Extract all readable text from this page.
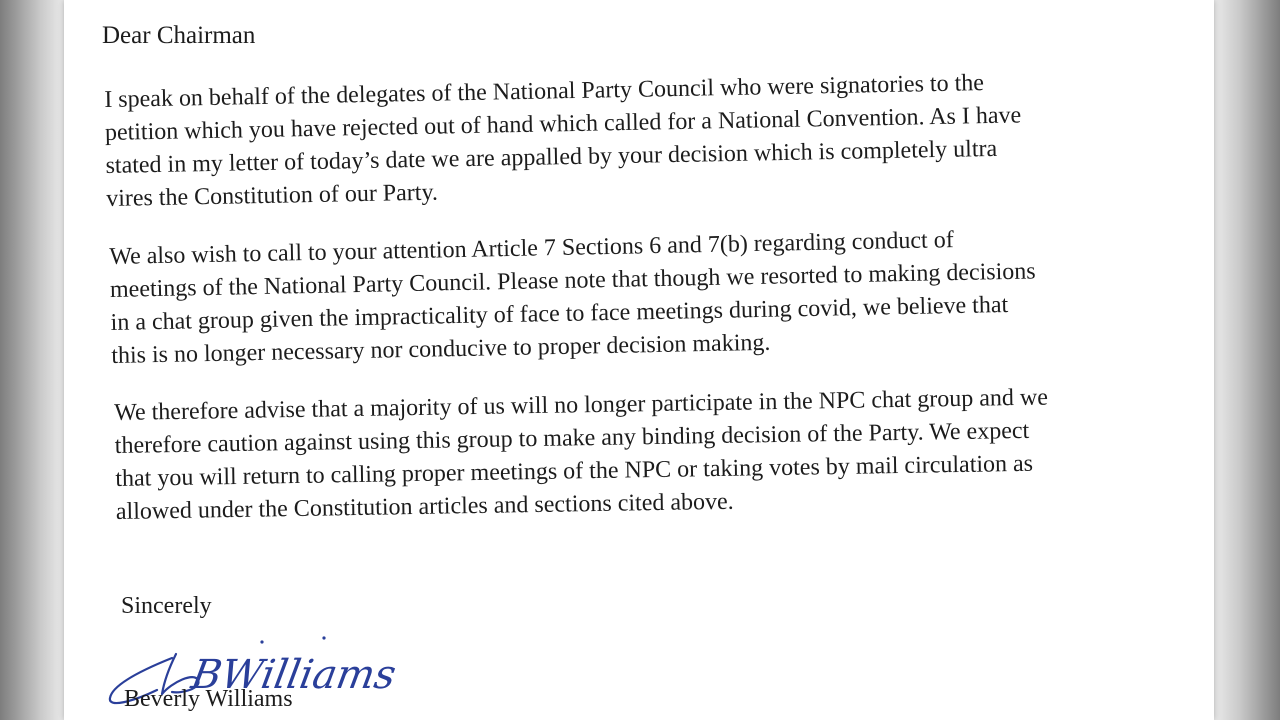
Dear Chairman
I speak on behalf of the delegates of the National Party Council who were signatories to the
petition which you have rejected out of hand which called for a National Convention. As I have
stated in my letter of today’s date we are appalled by your decision which is completely ultra
vires the Constitution of our Party.
We also wish to call to your attention Article 7 Sections 6 and 7(b) regarding conduct of
meetings of the National Party Council. Please note that though we resorted to making decisions
in a chat group given the impracticality of face to face meetings during covid, we believe that
this is no longer necessary nor conducive to proper decision making.
We therefore advise that a majority of us will no longer participate in the NPC chat group and we
therefore caution against using this group to make any binding decision of the Party. We expect
that you will return to calling proper meetings of the NPC or taking votes by mail circulation as
allowed under the Constitution articles and sections cited above.
Sincerely
BWilliams
Beverly Williams
